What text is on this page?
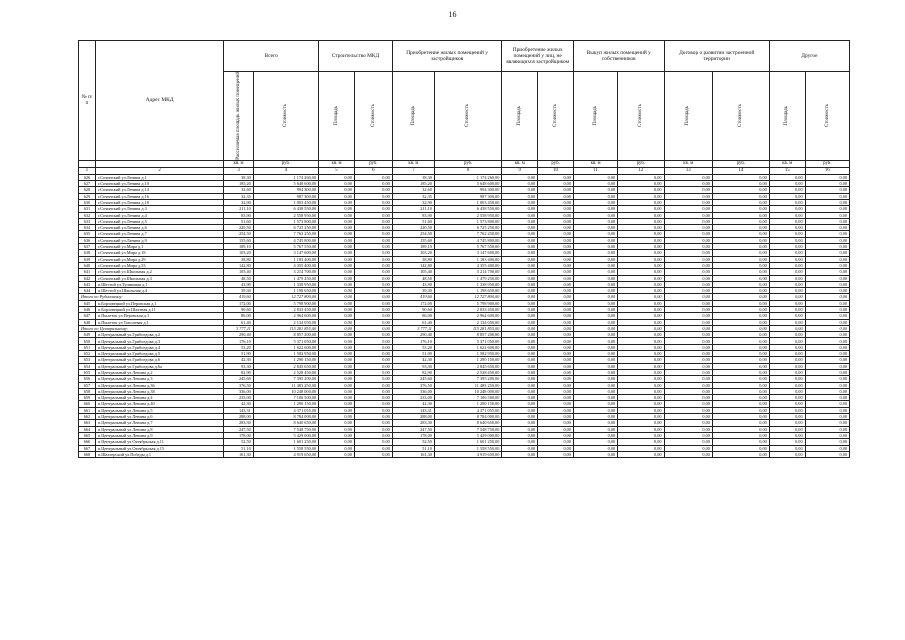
16
№ п/п	Адрес МКД	Всего		Строительство МКД		Приобретение жилых помещений у застройщиков		Приобретение жилых помещений у лиц, не являющихся застройщиком		Выкуп жилых помещений у собственников		Договор о развитии застроенной территории		Другое	

		Расселяемая площадь жилых помещений	Стоимость	Площадь	Стоимость	Площадь	Стоимость	Площадь	Стоимость	Площадь	Стоимость	Площадь	Стоимость	Площадь	Стоимость

		кв. м	руб.	кв. м	руб.	кв. м	руб.	кв. м	руб.	кв. м	руб.	кв. м	руб.	кв. м	руб.
1	2	3	4	5	6	7	8	9	10	11	12	13	14	15	16
626	г.Сочинский ул.Ленина д.1	38,30	1 174 260,00	0,00	0,00	38,30	1 174 260,00	0,00	0,00	0,00	0,00	0,00	0,00	0,00	0,00
627	г.Сочинский ул.Ленина д.10	185,20	5 648 600,00	0,00	0,00	185,20	5 648 600,00	0,00	0,00	0,00	0,00	0,00	0,00	0,00	0,00
628	г.Сочинский ул.Ленина д.14	32,60	994 300,00	0,00	0,00	32,60	994 300,00	0,00	0,00	0,00	0,00	0,00	0,00	0,00	0,00
629	г.Сочинский ул.Ленина д.16	32,35	987 300,00	0,00	0,00	32,35	987 300,00	0,00	0,00	0,00	0,00	0,00	0,00	0,00	0,00
630	г.Сочинский ул.Ленина д.18	32,90	1 003 450,00	0,00	0,00	32,90	1 003 450,00	0,00	0,00	0,00	0,00	0,00	0,00	0,00	0,00
631	г.Сочинский ул.Ленина д.3	211,10	6 438 550,00	0,00	0,00	211,10	6 438 550,00	0,00	0,00	0,00	0,00	0,00	0,00	0,00	0,00
632	г.Сочинский ул.Ленина д.4	83,90	2 558 950,00	0,00	0,00	83,90	2 558 950,00	0,00	0,00	0,00	0,00	0,00	0,00	0,00	0,00
633	г.Сочинский ул.Ленина д.5	51,60	1 573 800,00	0,00	0,00	51,60	1 573 800,00	0,00	0,00	0,00	0,00	0,00	0,00	0,00	0,00
634	г.Сочинский ул.Ленина д.6	220,50	6 725 250,00	0,00	0,00	220,50	6 725 250,00	0,00	0,00	0,00	0,00	0,00	0,00	0,00	0,00
635	г.Сочинский ул.Ленина д.7	254,50	7 762 250,00	0,00	0,00	254,50	7 762 250,00	0,00	0,00	0,00	0,00	0,00	0,00	0,00	0,00
636	г.Сочинский ул.Ленина д.9	155,60	4 745 800,00	0,00	0,00	155,60	4 745 800,00	0,00	0,00	0,00	0,00	0,00	0,00	0,00	0,00
637	г.Сочинский ул.Мира д.1	189,10	5 767 550,00	0,00	0,00	189,10	5 767 550,00	0,00	0,00	0,00	0,00	0,00	0,00	0,00	0,00
638	г.Сочинский ул.Мира д.18	103,20	3 147 600,00	0,00	0,00	103,20	3 147 600,00	0,00	0,00	0,00	0,00	0,00	0,00	0,00	0,00
639	г.Сочинский ул.Мира д.29	38,80	1 183 400,00	0,00	0,00	38,80	1 183 400,00	0,00	0,00	0,00	0,00	0,00	0,00	0,00	0,00
640	г.Сочинский ул.Мира д.53	142,80	4 355 400,00	0,00	0,00	142,80	4 355 400,00	0,00	0,00	0,00	0,00	0,00	0,00	0,00	0,00
641	г.Сочинский ул.Школьная д.2	105,40	3 214 700,00	0,00	0,00	105,40	3 214 700,00	0,00	0,00	0,00	0,00	0,00	0,00	0,00	0,00
642	г.Сочинский ул.Школьная д.3	48,50	1 479 250,00	0,00	0,00	48,50	1 479 250,00	0,00	0,00	0,00	0,00	0,00	0,00	0,00	0,00
643	п.Шестой ул.Тупиковая д.1	43,90	1 338 950,00	0,00	0,00	43,90	1 338 950,00	0,00	0,00	0,00	0,00	0,00	0,00	0,00	0,00
644	п.Шестой ул.Школьная д.4	39,30	1 198 650,00	0,00	0,00	39,30	1 198 650,00	0,00	0,00	0,00	0,00	0,00	0,00	0,00	0,00
Итого по Рудничному:		419,60	12 727 800,00	0,00	0,00	419,60	12 727 800,00	0,00	0,00	0,00	0,00	0,00	0,00	0,00	0,00
645	п.Борзовецкий ул.Перовская д.1	172,00	5 798 900,00	0,00	0,00	172,00	5 798 900,00	0,00	0,00	0,00	0,00	0,00	0,00	0,00	0,00
646	п.Борзовецкий ул.Шахтная д.11	90,60	2 833 450,00	0,00	0,00	90,60	2 833 450,00	0,00	0,00	0,00	0,00	0,00	0,00	0,00	0,00
647	п.Пылеток ул.Перовская д.1	86,00	2 964 600,00	0,00	0,00	86,00	2 964 600,00	0,00	0,00	0,00	0,00	0,00	0,00	0,00	0,00
648	п.Пылеток ул.Тополевая д.1	61,40	2 134 050,00	0,00	0,00	61,40	2 134 050,00	0,00	0,00	0,00	0,00	0,00	0,00	0,00	0,00
Итого по Центральному:		3 777,11	115 281 855,00	0,00	0,00	3 777,11	115 281 855,00	0,00	0,00	0,00	0,00	0,00	0,00	0,00	0,00
649	п.Центральный ул.Грибоедова д.2	290,40	8 857 200,00	0,00	0,00	290,40	8 857 200,00	0,00	0,00	0,00	0,00	0,00	0,00	0,00	0,00
650	п.Центральный ул.Грибоедова д.3	176,10	5 371 050,00	0,00	0,00	176,10	5 371 050,00	0,00	0,00	0,00	0,00	0,00	0,00	0,00	0,00
651	п.Центральный ул.Грибоедова д.4	53,20	1 622 600,00	0,00	0,00	53,20	1 622 600,00	0,00	0,00	0,00	0,00	0,00	0,00	0,00	0,00
652	п.Центральный ул.Грибоедова д.5	51,90	1 582 950,00	0,00	0,00	51,90	1 582 950,00	0,00	0,00	0,00	0,00	0,00	0,00	0,00	0,00
653	п.Центральный ул.Грибоедова д.6	42,30	1 290 150,00	0,00	0,00	42,30	1 290 150,00	0,00	0,00	0,00	0,00	0,00	0,00	0,00	0,00
654	п.Центральный ул.Грибоедова д.6а	93,30	2 845 650,00	0,00	0,00	93,30	2 845 650,00	0,00	0,00	0,00	0,00	0,00	0,00	0,00	0,00
655	п.Центральный ул.Ленина д.2	82,90	2 528 450,00	0,00	0,00	82,90	2 528 450,00	0,00	0,00	0,00	0,00	0,00	0,00	0,00	0,00
656	п.Центральный ул.Ленина д.3	245,60	7 395 200,00	0,00	0,00	245,60	7 395 200,00	0,00	0,00	0,00	0,00	0,00	0,00	0,00	0,00
657	п.Центральный ул.Ленина д.36	376,50	11 483 250,00	0,00	0,00	376,50	11 483 250,00	0,00	0,00	0,00	0,00	0,00	0,00	0,00	0,00
658	п.Центральный ул.Ленина д.38	336,00	10 248 000,00	0,00	0,00	336,00	10 248 000,00	0,00	0,00	0,00	0,00	0,00	0,00	0,00	0,00
659	п.Центральный ул.Ленина д.4	233,00	7 106 500,00	0,00	0,00	233,00	7 106 500,00	0,00	0,00	0,00	0,00	0,00	0,00	0,00	0,00
660	п.Центральный ул.Ленина д.40	42,30	1 290 150,00	0,00	0,00	42,30	1 290 150,00	0,00	0,00	0,00	0,00	0,00	0,00	0,00	0,00
661	п.Центральный ул.Ленина д.5	143,31	4 371 055,00	0,00	0,00	143,31	4 371 055,00	0,00	0,00	0,00	0,00	0,00	0,00	0,00	0,00
662	п.Центральный ул.Ленина д.6	288,00	8 784 000,00	0,00	0,00	288,00	8 784 000,00	0,00	0,00	0,00	0,00	0,00	0,00	0,00	0,00
663	п.Центральный ул.Ленина д.7	283,30	8 640 650,00	0,00	0,00	283,30	8 640 650,00	0,00	0,00	0,00	0,00	0,00	0,00	0,00	0,00
664	п.Центральный ул.Ленина д.8	247,50	7 548 750,00	0,00	0,00	247,50	7 548 750,00	0,00	0,00	0,00	0,00	0,00	0,00	0,00	0,00
665	п.Центральный ул.Ленина д.9	178,00	5 429 000,00	0,00	0,00	178,00	5 429 000,00	0,00	0,00	0,00	0,00	0,00	0,00	0,00	0,00
666	п.Центральный ул.Октябрьская д.11	52,50	1 601 250,00	0,00	0,00	52,50	1 601 250,00	0,00	0,00	0,00	0,00	0,00	0,00	0,00	0,00
667	п.Центральный ул.Октябрьская д.15	51,10	1 558 550,00	0,00	0,00	51,10	1 558 550,00	0,00	0,00	0,00	0,00	0,00	0,00	0,00	0,00
668	п.Шахтерский ул.Победы д.1	161,30	4 919 650,00	0,00	0,00	161,30	4 919 650,00	0,00	0,00	0,00	0,00	0,00	0,00	0,00	0,00
